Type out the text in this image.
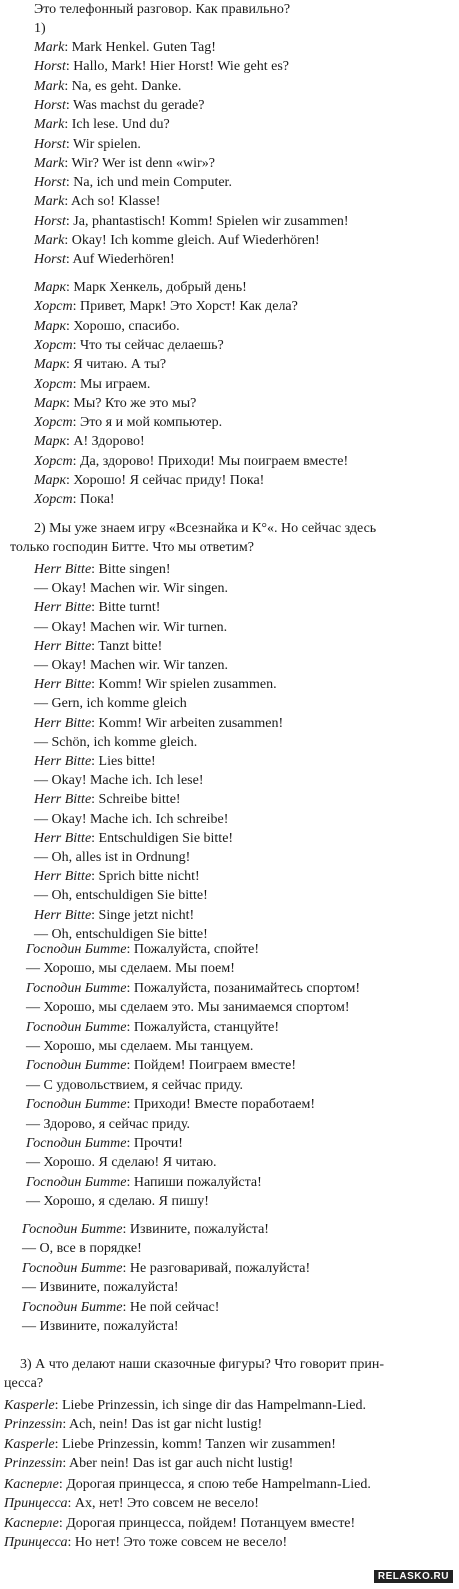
Это телефонный разговор. Как правильно?
1)
Mark: Mark Henkel. Guten Tag!
Horst: Hallo, Mark! Hier Horst! Wie geht es?
Mark: Na, es geht. Danke.
Horst: Was machst du gerade?
Mark: Ich lese. Und du?
Horst: Wir spielen.
Mark: Wir? Wer ist denn «wir»?
Horst: Na, ich und mein Computer.
Mark: Ach so! Klasse!
Horst: Ja, phantastisch! Komm! Spielen wir zusammen!
Mark: Okay! Ich komme gleich. Auf Wiederhören!
Horst: Auf Wiederhören!
Марк: Марк Хенкель, добрый день!
Хорст: Привет, Марк! Это Хорст! Как дела?
Марк: Хорошо, спасибо.
Хорст: Что ты сейчас делаешь?
Марк: Я читаю. А ты?
Хорст: Мы играем.
Марк: Мы? Кто же это мы?
Хорст: Это я и мой компьютер.
Марк: А! Здорово!
Хорст: Да, здорово! Приходи! Мы поиграем вместе!
Марк: Хорошо! Я сейчас приду! Пока!
Хорст: Пока!
2) Мы уже знаем игру «Всезнайка и К°«. Но сейчас здесь
только господин Битте. Что мы ответим?
Herr Bitte: Bitte singen!
— Okay! Machen wir. Wir singen.
Herr Bitte: Bitte turnt!
— Okay! Machen wir. Wir turnen.
Herr Bitte: Tanzt bitte!
— Okay! Machen wir. Wir tanzen.
Herr Bitte: Komm! Wir spielen zusammen.
— Gern, ich komme gleich
Herr Bitte: Komm! Wir arbeiten zusammen!
— Schön, ich komme gleich.
Herr Bitte: Lies bitte!
— Okay! Mache ich. Ich lese!
Herr Bitte: Schreibe bitte!
— Okay! Mache ich. Ich schreibe!
Herr Bitte: Entschuldigen Sie bitte!
— Oh, alles ist in Ordnung!
Herr Bitte: Sprich bitte nicht!
— Oh, entschuldigen Sie bitte!
Herr Bitte: Singe jetzt nicht!
— Oh, entschuldigen Sie bitte!
Господин Битте: Пожалуйста, спойте!
— Хорошо, мы сделаем. Мы поем!
Господин Битте: Пожалуйста, позанимайтесь спортом!
— Хорошо, мы сделаем это. Мы занимаемся спортом!
Господин Битте: Пожалуйста, станцуйте!
— Хорошо, мы сделаем. Мы танцуем.
Господин Битте: Пойдем! Поиграем вместе!
— С удовольствием, я сейчас приду.
Господин Битте: Приходи! Вместе поработаем!
— Здорово, я сейчас приду.
Господин Битте: Прочти!
— Хорошо. Я сделаю! Я читаю.
Господин Битте: Напиши пожалуйста!
— Хорошо, я сделаю. Я пишу!
Господин Битте: Извините, пожалуйста!
— О, все в порядке!
Господин Битте: Не разговаривай, пожалуйста!
— Извините, пожалуйста!
Господин Битте: Не пой сейчас!
— Извините, пожалуйста!
3) А что делают наши сказочные фигуры? Что говорит прин-
цесса?
Kasperle: Liebe Prinzessin, ich singe dir das Hampelmann-Lied.
Prinzessin: Ach, nein! Das ist gar nicht lustig!
Kasperle: Liebe Prinzessin, komm! Tanzen wir zusammen!
Prinzessin: Aber nein! Das ist gar auch nicht lustig!
Касперле: Дорогая принцесса, я спою тебе Hampelmann-Lied.
Принцесса: Ах, нет! Это совсем не весело!
Касперле: Дорогая принцесса, пойдем! Потанцуем вместе!
Принцесса: Но нет! Это тоже совсем не весело!
RELASKO.RU
